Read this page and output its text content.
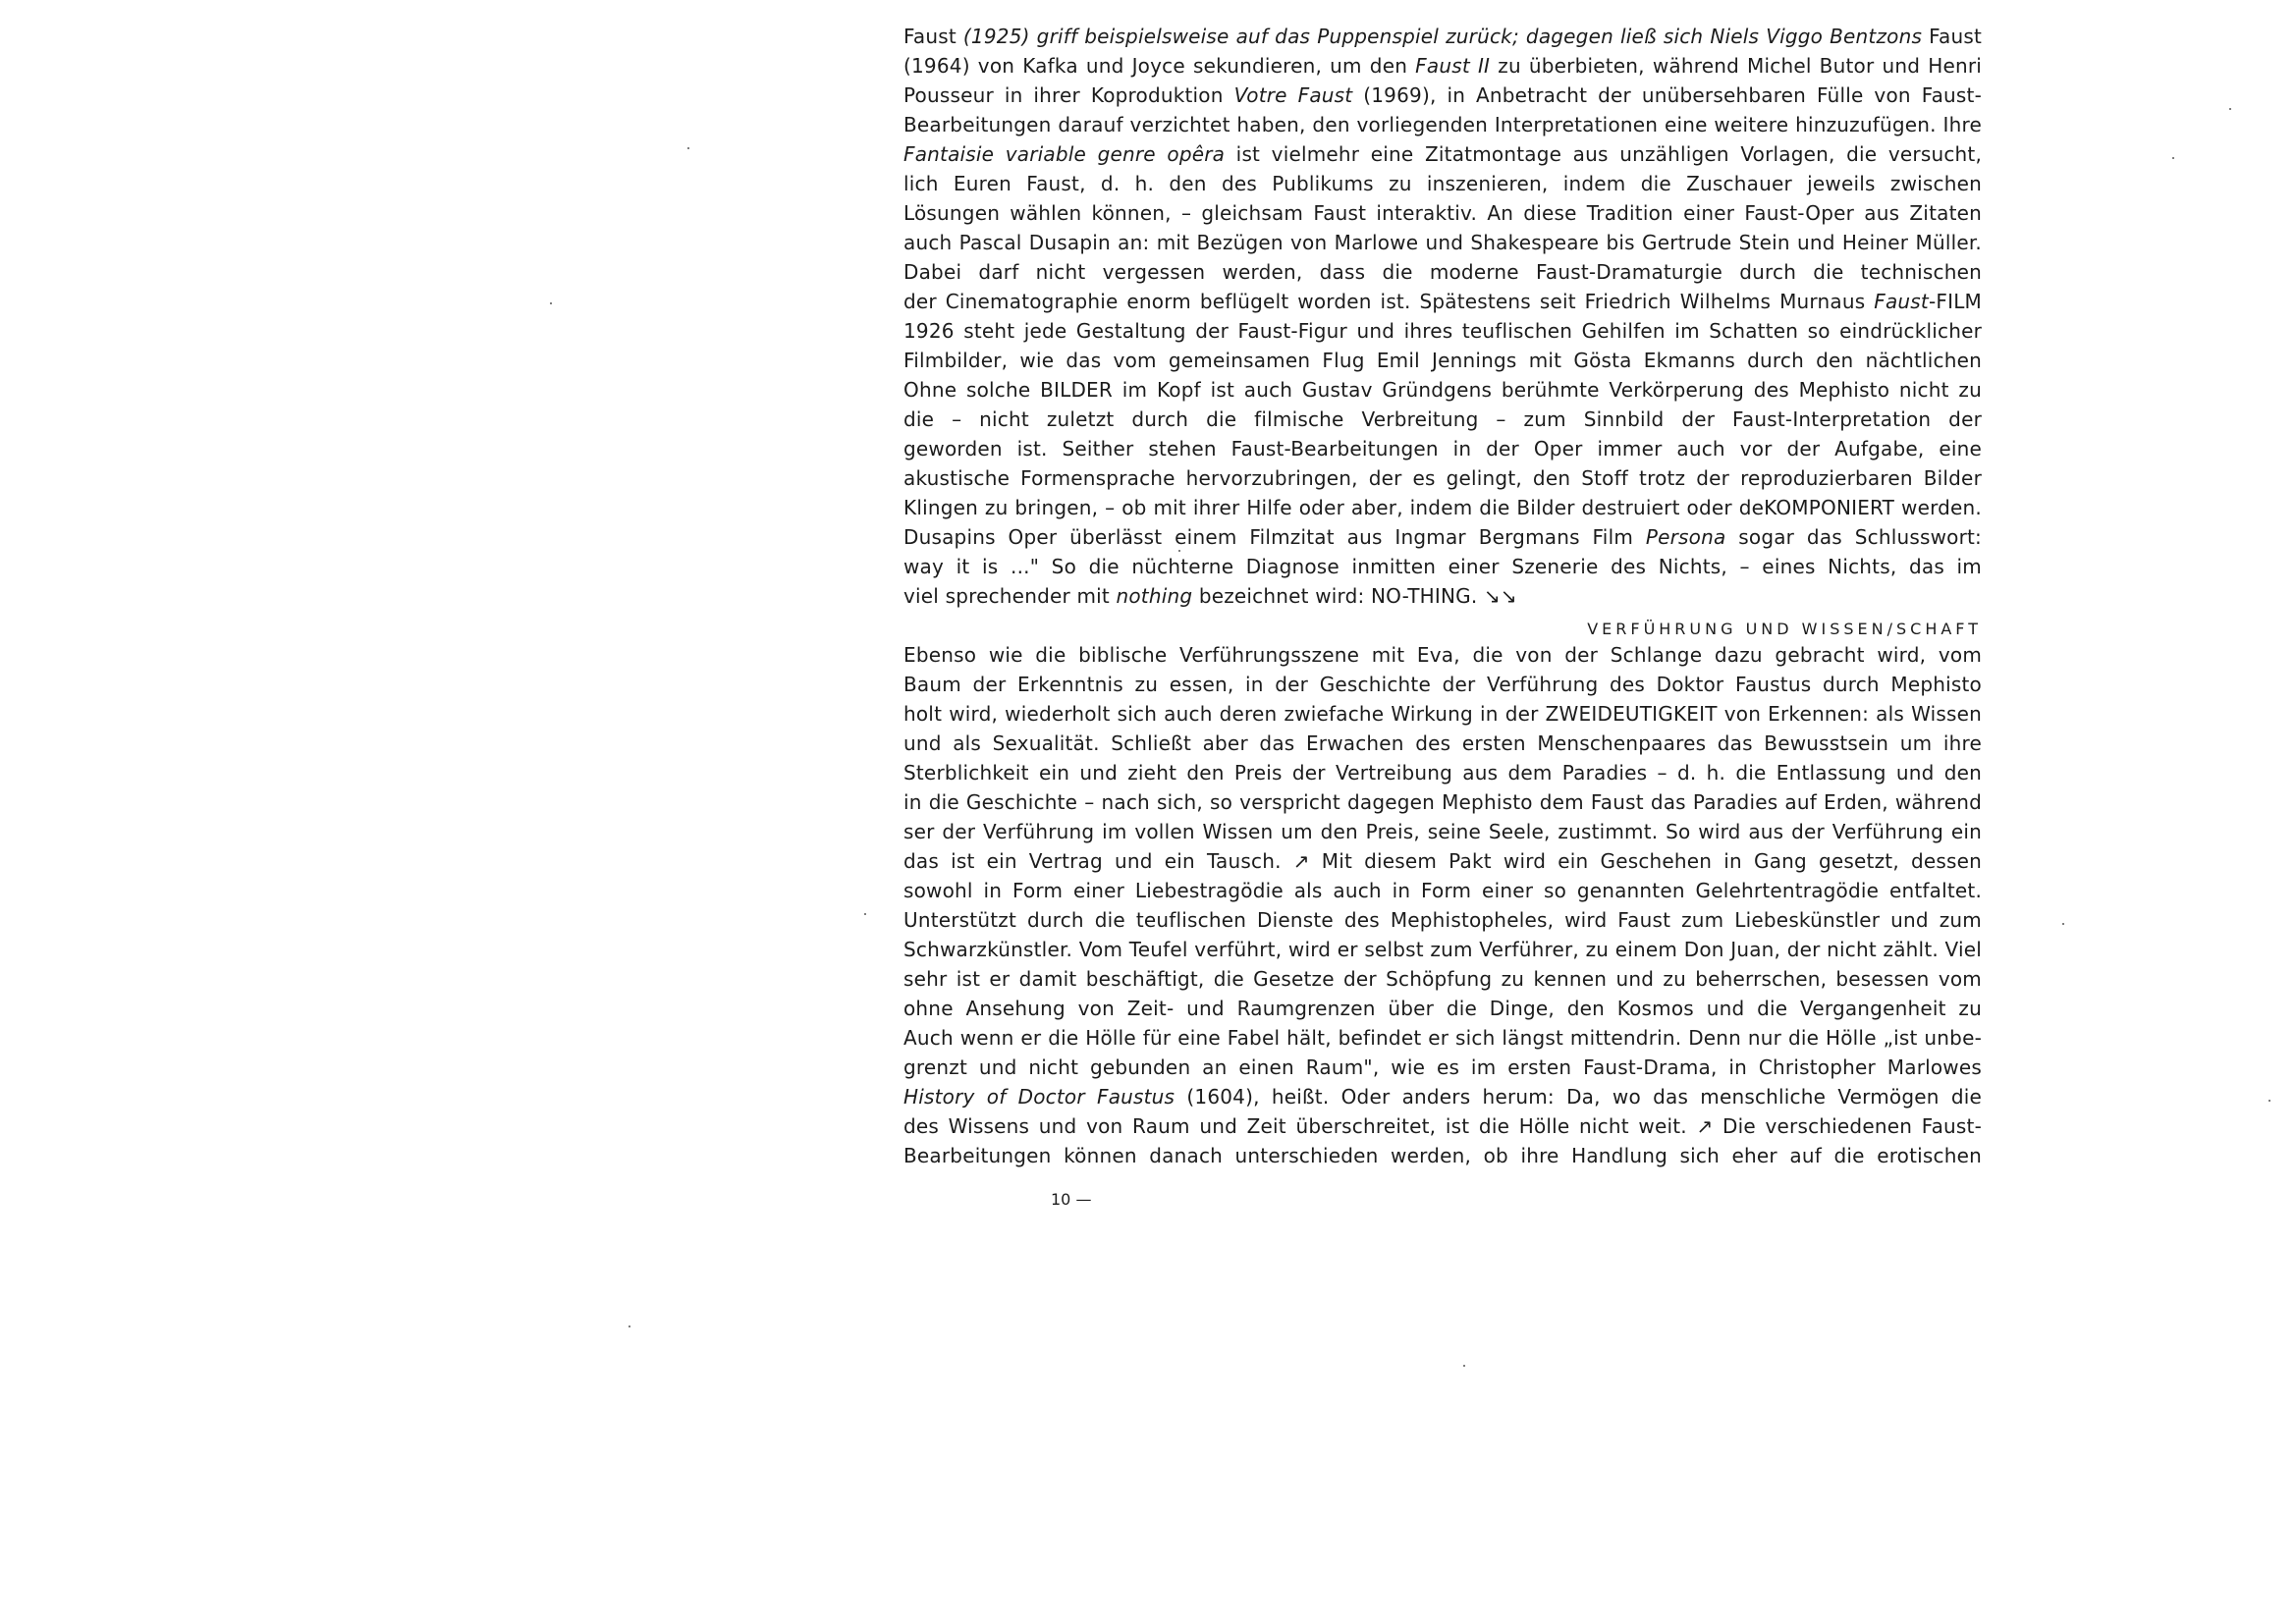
Faust (1925) griff beispielsweise auf das Puppenspiel zurück; dagegen ließ sich Niels Viggo Bentzons Faust
(1964) von Kafka und Joyce sekundieren, um den Faust II zu überbieten, während Michel Butor und Henri
Pousseur in ihrer Koproduktion Votre Faust (1969), in Anbetracht der unübersehbaren Fülle von Faust-
Bearbeitungen darauf verzichtet haben, den vorliegenden Interpretationen eine weitere hinzuzufügen. Ihre
Fantaisie variable genre opêra ist vielmehr eine Zitatmontage aus unzähligen Vorlagen, die versucht,
lich Euren Faust, d. h. den des Publikums zu inszenieren, indem die Zuschauer jeweils zwischen
Lösungen wählen können, – gleichsam Faust interaktiv. An diese Tradition einer Faust-Oper aus Zitaten
auch Pascal Dusapin an: mit Bezügen von Marlowe und Shakespeare bis Gertrude Stein und Heiner Müller.
Dabei darf nicht vergessen werden, dass die moderne Faust-Dramaturgie durch die technischen
der Cinematographie enorm beflügelt worden ist. Spätestens seit Friedrich Wilhelms Murnaus Faust-FILM
1926 steht jede Gestaltung der Faust-Figur und ihres teuflischen Gehilfen im Schatten so eindrücklicher
Filmbilder, wie das vom gemeinsamen Flug Emil Jennings mit Gösta Ekmanns durch den nächtlichen
Ohne solche BILDER im Kopf ist auch Gustav Gründgens berühmte Verkörperung des Mephisto nicht zu
die – nicht zuletzt durch die filmische Verbreitung – zum Sinnbild der Faust-Interpretation der
geworden ist. Seither stehen Faust-Bearbeitungen in der Oper immer auch vor der Aufgabe, eine
akustische Formensprache hervorzubringen, der es gelingt, den Stoff trotz der reproduzierbaren Bilder
Klingen zu bringen, – ob mit ihrer Hilfe oder aber, indem die Bilder destruiert oder deKOMPONIERT werden.
Dusapins Oper überlässt einem Filmzitat aus Ingmar Bergmans Film Persona sogar das Schlusswort:
way it is ..." So die nüchterne Diagnose inmitten einer Szenerie des Nichts, – eines Nichts, das im
viel sprechender mit nothing bezeichnet wird: NO-THING. ↘↘
VERFÜHRUNG UND WISSEN/SCHAFT
Ebenso wie die biblische Verführungsszene mit Eva, die von der Schlange dazu gebracht wird, vom
Baum der Erkenntnis zu essen, in der Geschichte der Verführung des Doktor Faustus durch Mephisto
holt wird, wiederholt sich auch deren zwiefache Wirkung in der ZWEIDEUTIGKEIT von Erkennen: als Wissen
und als Sexualität. Schließt aber das Erwachen des ersten Menschenpaares das Bewusstsein um ihre
Sterblichkeit ein und zieht den Preis der Vertreibung aus dem Paradies – d. h. die Entlassung und den
in die Geschichte – nach sich, so verspricht dagegen Mephisto dem Faust das Paradies auf Erden, während
ser der Verführung im vollen Wissen um den Preis, seine Seele, zustimmt. So wird aus der Verführung ein
das ist ein Vertrag und ein Tausch. ↗ Mit diesem Pakt wird ein Geschehen in Gang gesetzt, dessen
sowohl in Form einer Liebestragödie als auch in Form einer so genannten Gelehrtentragödie entfaltet.
Unterstützt durch die teuflischen Dienste des Mephistopheles, wird Faust zum Liebeskünstler und zum
Schwarzkünstler. Vom Teufel verführt, wird er selbst zum Verführer, zu einem Don Juan, der nicht zählt. Viel
sehr ist er damit beschäftigt, die Gesetze der Schöpfung zu kennen und zu beherrschen, besessen vom
ohne Ansehung von Zeit- und Raumgrenzen über die Dinge, den Kosmos und die Vergangenheit zu
Auch wenn er die Hölle für eine Fabel hält, befindet er sich längst mittendrin. Denn nur die Hölle „ist unbe-
grenzt und nicht gebunden an einen Raum", wie es im ersten Faust-Drama, in Christopher Marlowes
History of Doctor Faustus (1604), heißt. Oder anders herum: Da, wo das menschliche Vermögen die
des Wissens und von Raum und Zeit überschreitet, ist die Hölle nicht weit. ↗ Die verschiedenen Faust-
Bearbeitungen können danach unterschieden werden, ob ihre Handlung sich eher auf die erotischen
10 —
